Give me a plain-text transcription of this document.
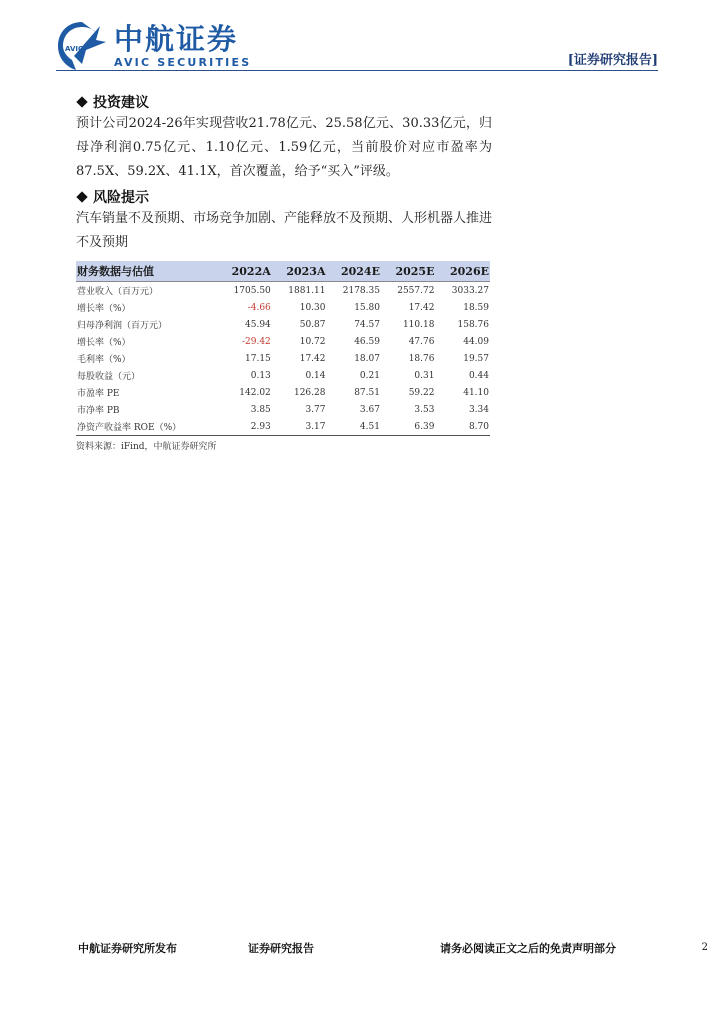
AVIC 中航证券
AVIC SECURITIES	[证券研究报告]
投资建议
预计公司2024-26年实现营收21.78亿元、25.58亿元、30.33亿元，归母净利润0.75亿元、1.10亿元、1.59亿元，当前股价对应市盈率为87.5X、59.2X、41.1X，首次覆盖，给予“买入”评级。
风险提示
汽车销量不及预期、市场竞争加剧、产能释放不及预期、人形机器人推进不及预期
财务数据与估值	2022A	2023A	2024E	2025E	2026E
营业收入（百万元）	1705.50	1881.11	2178.35	2557.72	3033.27
增长率（%）	-4.66	10.30	15.80	17.42	18.59
归母净利润（百万元）	45.94	50.87	74.57	110.18	158.76
增长率（%）	-29.42	10.72	46.59	47.76	44.09
毛利率（%）	17.15	17.42	18.07	18.76	19.57
每股收益（元）	0.13	0.14	0.21	0.31	0.44
市盈率 PE	142.02	126.28	87.51	59.22	41.10
市净率 PB	3.85	3.77	3.67	3.53	3.34
净资产收益率 ROE（%）	2.93	3.17	4.51	6.39	8.70
资料来源：iFind，中航证券研究所
中航证券研究所发布	证券研究报告	请务必阅读正文之后的免责声明部分	2
